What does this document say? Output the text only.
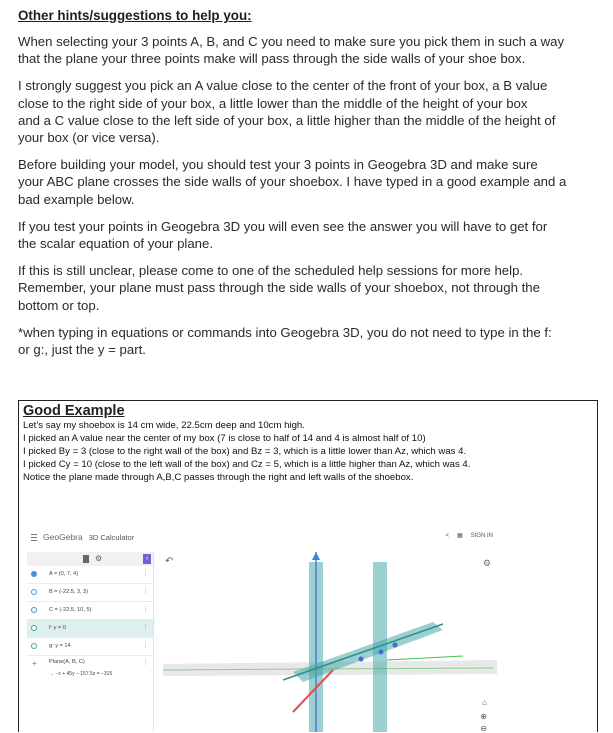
Other hints/suggestions to help you:

When selecting your 3 points A, B, and C you need to make sure you pick them in such a way
that the plane your three points make will pass through the side walls of your shoe box.

I strongly suggest you pick an A value close to the center of the front of your box, a B value
close to the right side of your box, a little lower than the middle of the height of your box
and a C value close to the left side of your box, a little higher than the middle of the height of
your box (or vice versa).

Before building your model, you should test your 3 points in Geogebra 3D and make sure
your ABC plane crosses the side walls of your shoebox. I have typed in a good example and a
bad example below.

If you test your points in Geogebra 3D you will even see the answer you will have to get for
the scalar equation of your plane.

If this is still unclear, please come to one of the scheduled help sessions for more help.
Remember, your plane must pass through the side walls of your shoebox, not through the
bottom or top.

*when typing in equations or commands into Geogebra 3D, you do not need to type in the f:
or g:, just the y = part.

Good Example
Let’s say my shoebox is 14 cm wide, 22.5cm deep and 10cm high.
I picked an A value near the center of my box (7 is close to half of 14 and 4 is almost half of 10)
I picked By = 3 (close to the right wall of the box) and Bz = 3, which is a little lower than Az, which was 4.
I picked Cy = 10 (close to the left wall of the box) and Cz = 5, which is a little higher than Az, which was 4.
Notice the plane made through A,B,C passes through the right and left walls of the shoebox.
GeoGebra 3D Calculator	< ▦ SIGN IN
⚙	‹
A = (0, 7, 4)	⋮
B = (-22.5, 3, 3)	⋮
C = (-22.5, 10, 5)	⋮
f: y = 0	⋮
g: y = 14	⋮
+ Plane(A, B, C)
→ −x + 45y − 157.5z = −315
⋮
↶	⚙
⌂
⊕
⊖
